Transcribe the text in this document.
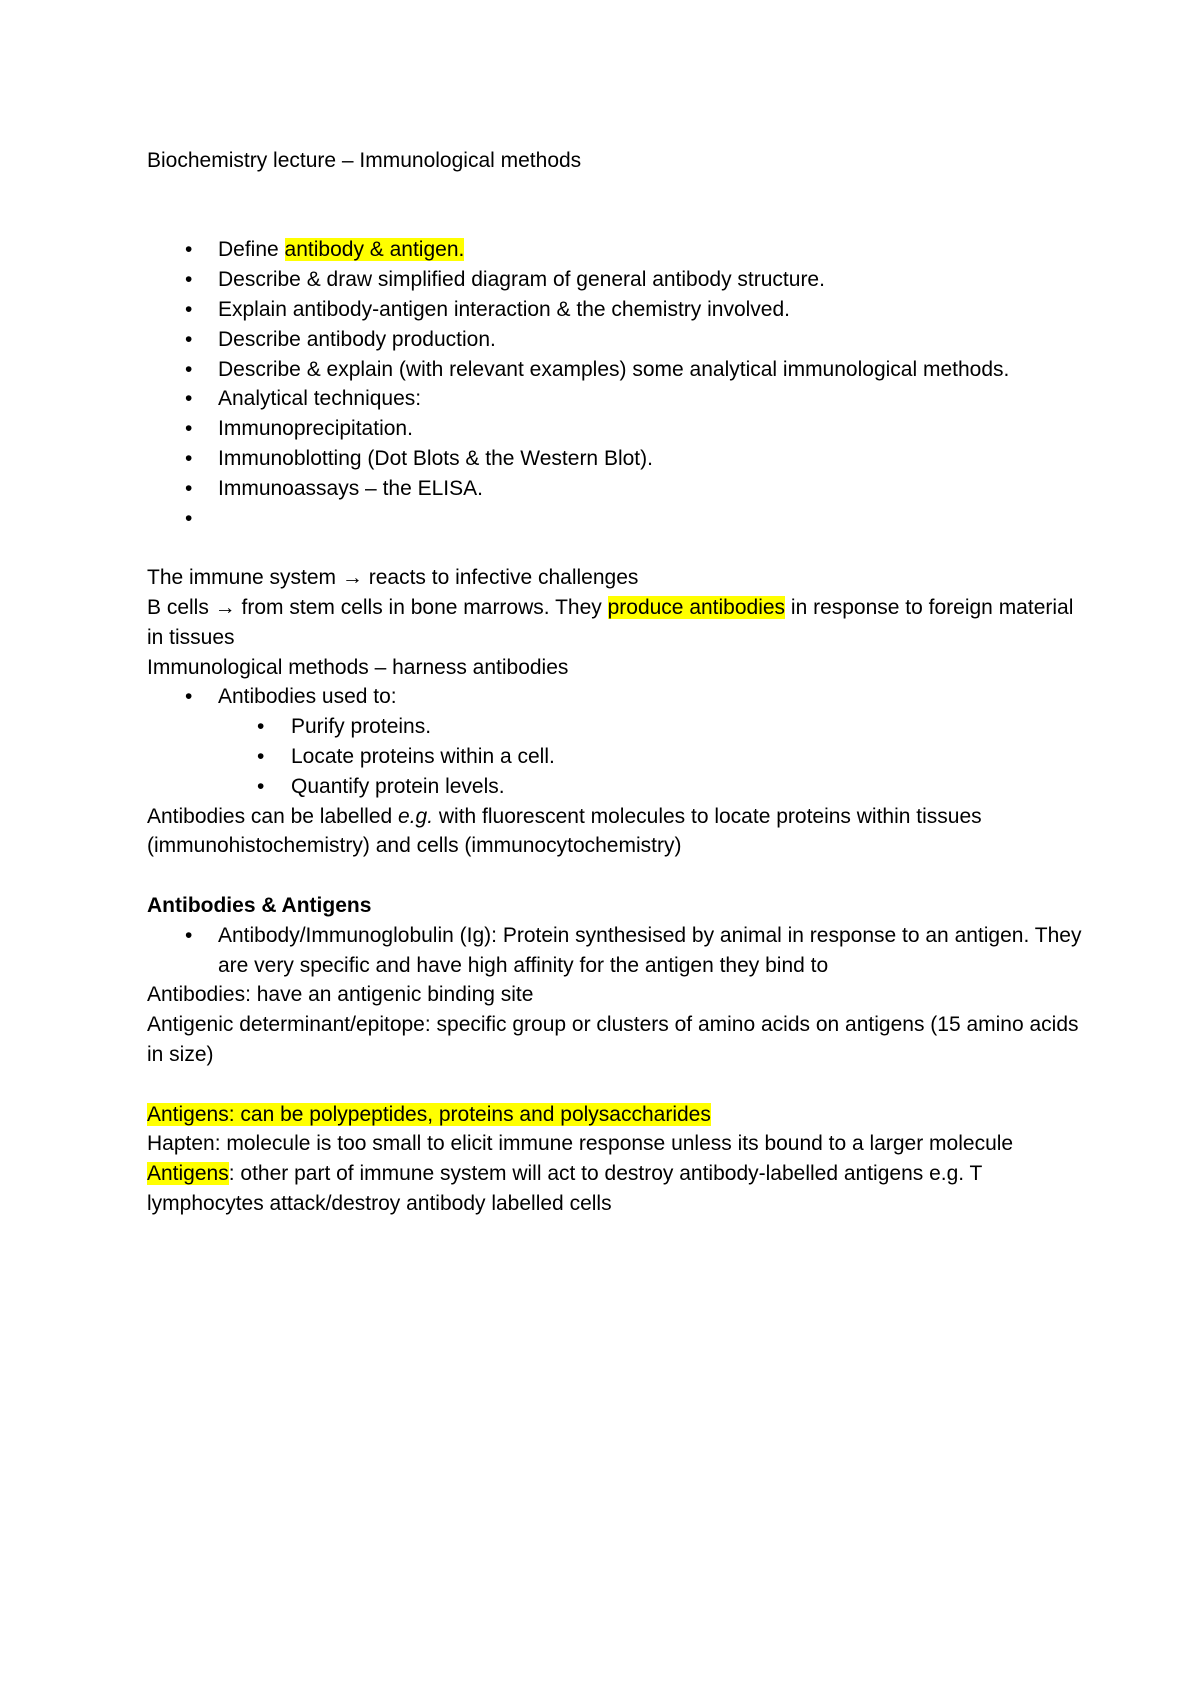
Biochemistry lecture – Immunological methods
• Define antibody & antigen.
• Describe & draw simplified diagram of general antibody structure.
• Explain antibody-antigen interaction & the chemistry involved.
• Describe antibody production.
• Describe & explain (with relevant examples) some analytical immunological methods.
• Analytical techniques:
• Immunoprecipitation.
• Immunoblotting (Dot Blots & the Western Blot).
• Immunoassays – the ELISA.
•
The immune system → reacts to infective challenges
B cells → from stem cells in bone marrows. They produce antibodies in response to foreign material in tissues
Immunological methods – harness antibodies
• Antibodies used to:
• Purify proteins.
• Locate proteins within a cell.
• Quantify protein levels.
Antibodies can be labelled e.g. with fluorescent molecules to locate proteins within tissues (immunohistochemistry) and cells (immunocytochemistry)
Antibodies & Antigens
• Antibody/Immunoglobulin (Ig): Protein synthesised by animal in response to an antigen. They are very specific and have high affinity for the antigen they bind to
Antibodies: have an antigenic binding site
Antigenic determinant/epitope: specific group or clusters of amino acids on antigens (15 amino acids in size)
Antigens: can be polypeptides, proteins and polysaccharides
Hapten: molecule is too small to elicit immune response unless its bound to a larger molecule
Antigens: other part of immune system will act to destroy antibody-labelled antigens e.g. T lymphocytes attack/destroy antibody labelled cells
